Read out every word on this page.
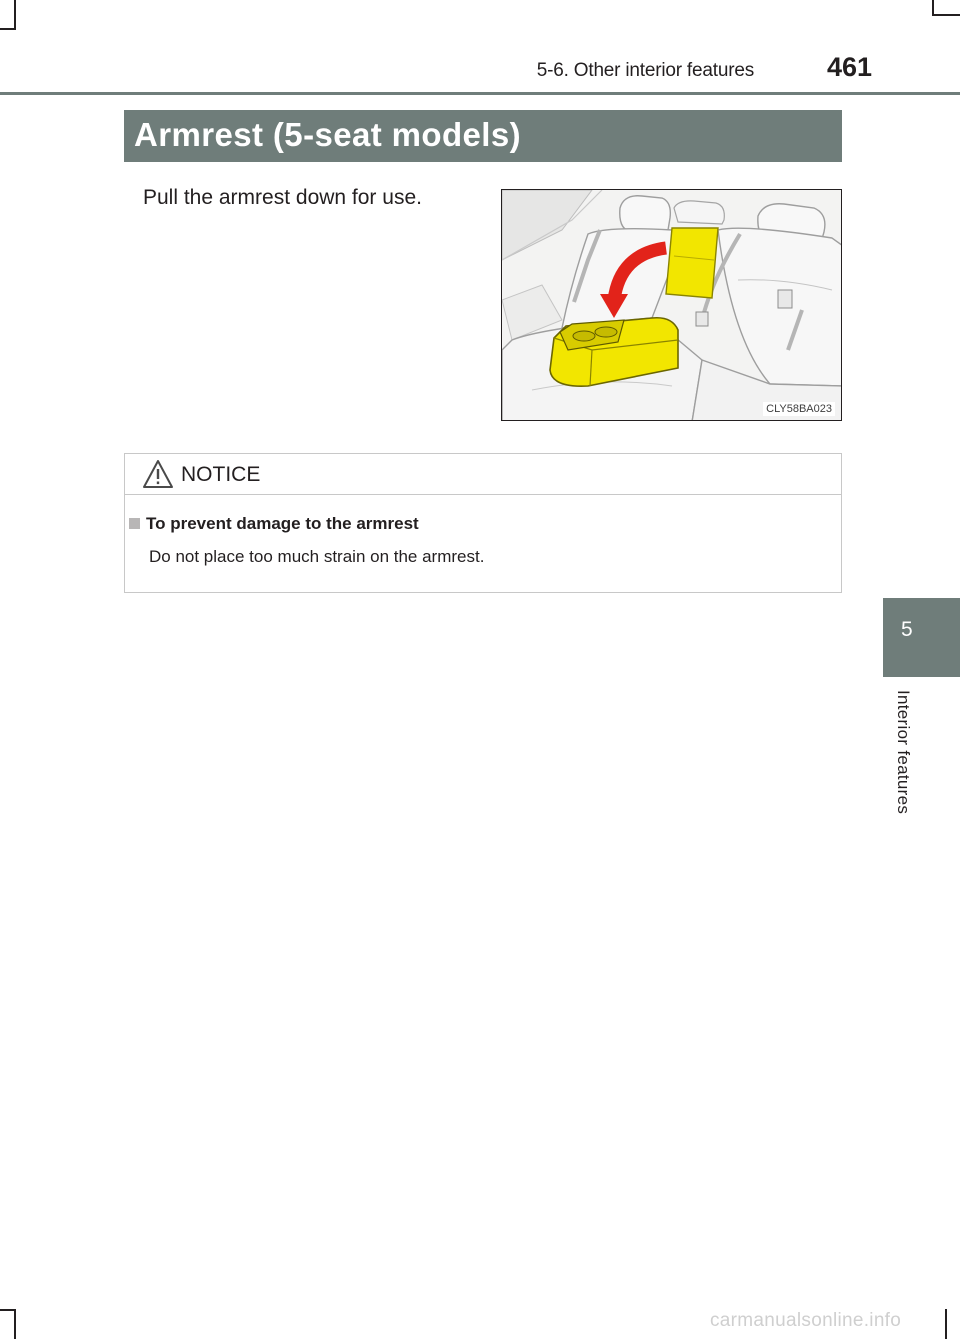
5-6. Other interior features	461
Armrest (5-seat models)
Pull the armrest down for use.
CLY58BA023
NOTICE
To prevent damage to the armrest
Do not place too much strain on the armrest.
5
Interior features
carmanualsonline.info
